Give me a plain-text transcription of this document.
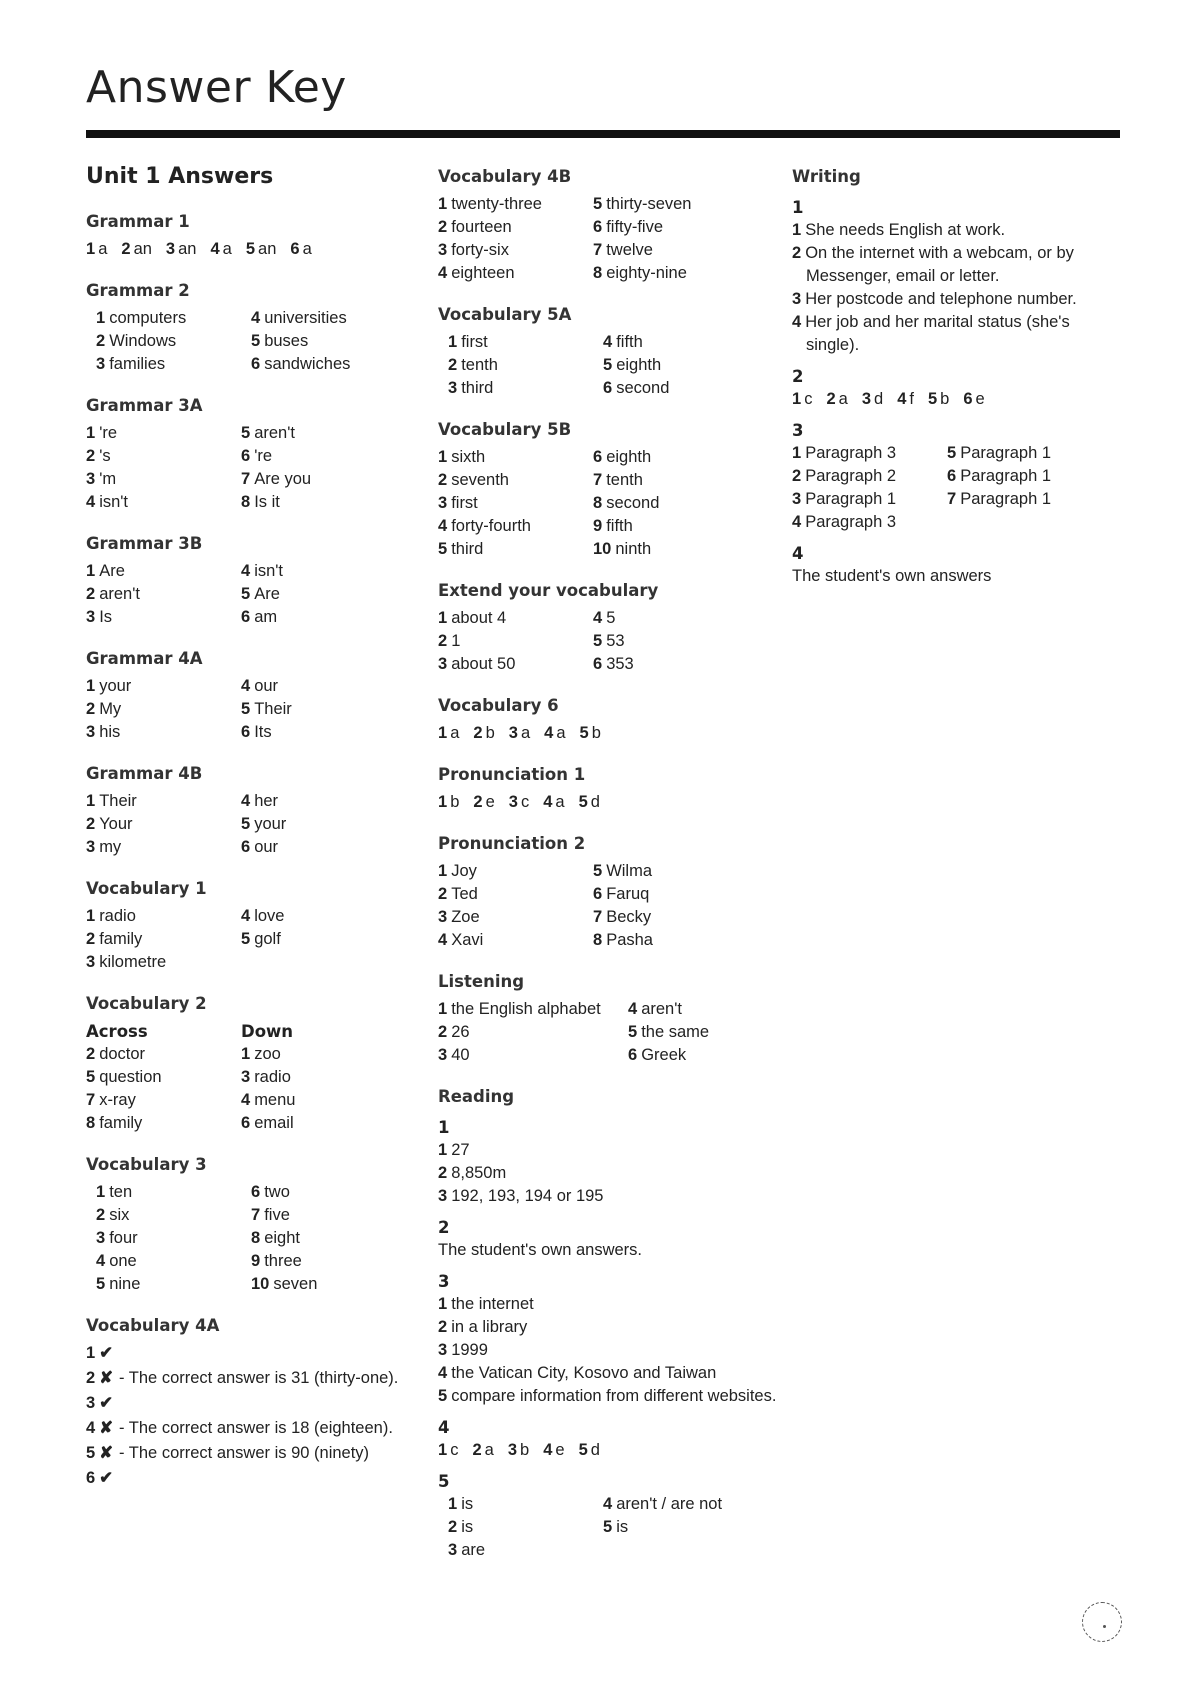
Answer Key
Unit 1 Answers
Grammar 1
1 a 2 an 3 an 4 a 5 an 6 a
Grammar 2
1 computers	4 universities
2 Windows	5 buses
3 families	6 sandwiches
Grammar 3A
1 're	5 aren't
2 's	6 're
3 'm	7 Are you
4 isn't	8 Is it
Grammar 3B
1 Are	4 isn't
2 aren't	5 Are
3 Is	6 am
Grammar 4A
1 your	4 our
2 My	5 Their
3 his	6 Its
Grammar 4B
1 Their	4 her
2 Your	5 your
3 my	6 our
Vocabulary 1
1 radio	4 love
2 family	5 golf
3 kilometre
Vocabulary 2
Across	Down
2 doctor	1 zoo
5 question	3 radio
7 x-ray	4 menu
8 family	6 email
Vocabulary 3
1 ten	6 two
2 six	7 five
3 four	8 eight
4 one	9 three
5 nine	10 seven
Vocabulary 4A
1 ✔
2 ✘ - The correct answer is 31 (thirty-one).
3 ✔
4 ✘ - The correct answer is 18 (eighteen).
5 ✘ - The correct answer is 90 (ninety)
6 ✔
Vocabulary 4B
1 twenty-three	5 thirty-seven
2 fourteen	6 fifty-five
3 forty-six	7 twelve
4 eighteen	8 eighty-nine
Vocabulary 5A
1 first	4 fifth
2 tenth	5 eighth
3 third	6 second
Vocabulary 5B
1 sixth	6 eighth
2 seventh	7 tenth
3 first	8 second
4 forty-fourth	9 fifth
5 third	10 ninth
Extend your vocabulary
1 about 4	4 5
2 1	5 53
3 about 50	6 353
Vocabulary 6
1 a 2 b 3 a 4 a 5 b
Pronunciation 1
1 b 2 e 3 c 4 a 5 d
Pronunciation 2
1 Joy	5 Wilma
2 Ted	6 Faruq
3 Zoe	7 Becky
4 Xavi	8 Pasha
Listening
1 the English alphabet	4 aren't
2 26	5 the same
3 40	6 Greek
Reading
1
1 27
2 8,850m
3 192, 193, 194 or 195
2
The student's own answers.
3
1 the internet
2 in a library
3 1999
4 the Vatican City, Kosovo and Taiwan
5 compare information from different websites.
4
1 c 2 a 3 b 4 e 5 d
5
1 is	4 aren't / are not
2 is	5 is
3 are
Writing
1
1 She needs English at work.
2 On the internet with a webcam, or by Messenger, email or letter.
3 Her postcode and telephone number.
4 Her job and her marital status (she's single).
2
1 c 2 a 3 d 4 f 5 b 6 e
3
1 Paragraph 3	5 Paragraph 1
2 Paragraph 2	6 Paragraph 1
3 Paragraph 1	7 Paragraph 1
4 Paragraph 3
4
The student's own answers
